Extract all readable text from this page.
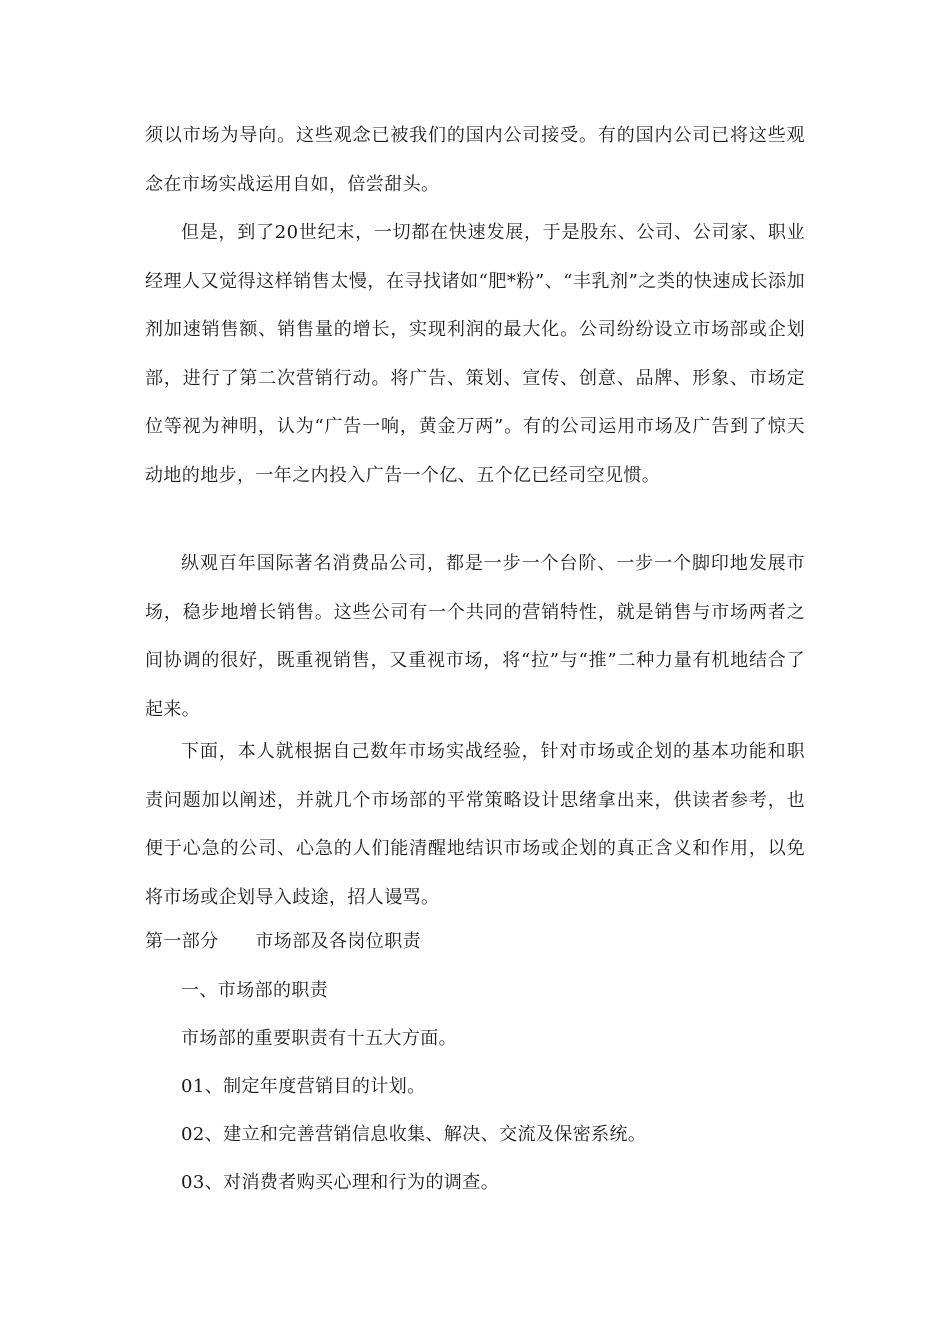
须以市场为导向。这些观念已被我们的国内公司接受。有的国内公司已将这些观念在市场实战运用自如，倍尝甜头。
但是，到了20世纪末，一切都在快速发展，于是股东、公司、公司家、职业经理人又觉得这样销售太慢，在寻找诸如“肥*粉”、“丰乳剂”之类的快速成长添加剂加速销售额、销售量的增长，实现利润的最大化。公司纷纷设立市场部或企划部，进行了第二次营销行动。将广告、策划、宣传、创意、品牌、形象、市场定位等视为神明，认为“广告一响，黄金万两”。有的公司运用市场及广告到了惊天动地的地步，一年之内投入广告一个亿、五个亿已经司空见惯。
纵观百年国际著名消费品公司，都是一步一个台阶、一步一个脚印地发展市场，稳步地增长销售。这些公司有一个共同的营销特性，就是销售与市场两者之间协调的很好，既重视销售，又重视市场，将“拉”与“推”二种力量有机地结合了起来。
下面，本人就根据自己数年市场实战经验，针对市场或企划的基本功能和职责问题加以阐述，并就几个市场部的平常策略设计思绪拿出来，供读者参考，也便于心急的公司、心急的人们能清醒地结识市场或企划的真正含义和作用，以免将市场或企划导入歧途，招人谩骂。
第一部分　　市场部及各岗位职责
一、市场部的职责
市场部的重要职责有十五大方面。
01、制定年度营销目的计划。
02、建立和完善营销信息收集、解决、交流及保密系统。
03、对消费者购买心理和行为的调查。
